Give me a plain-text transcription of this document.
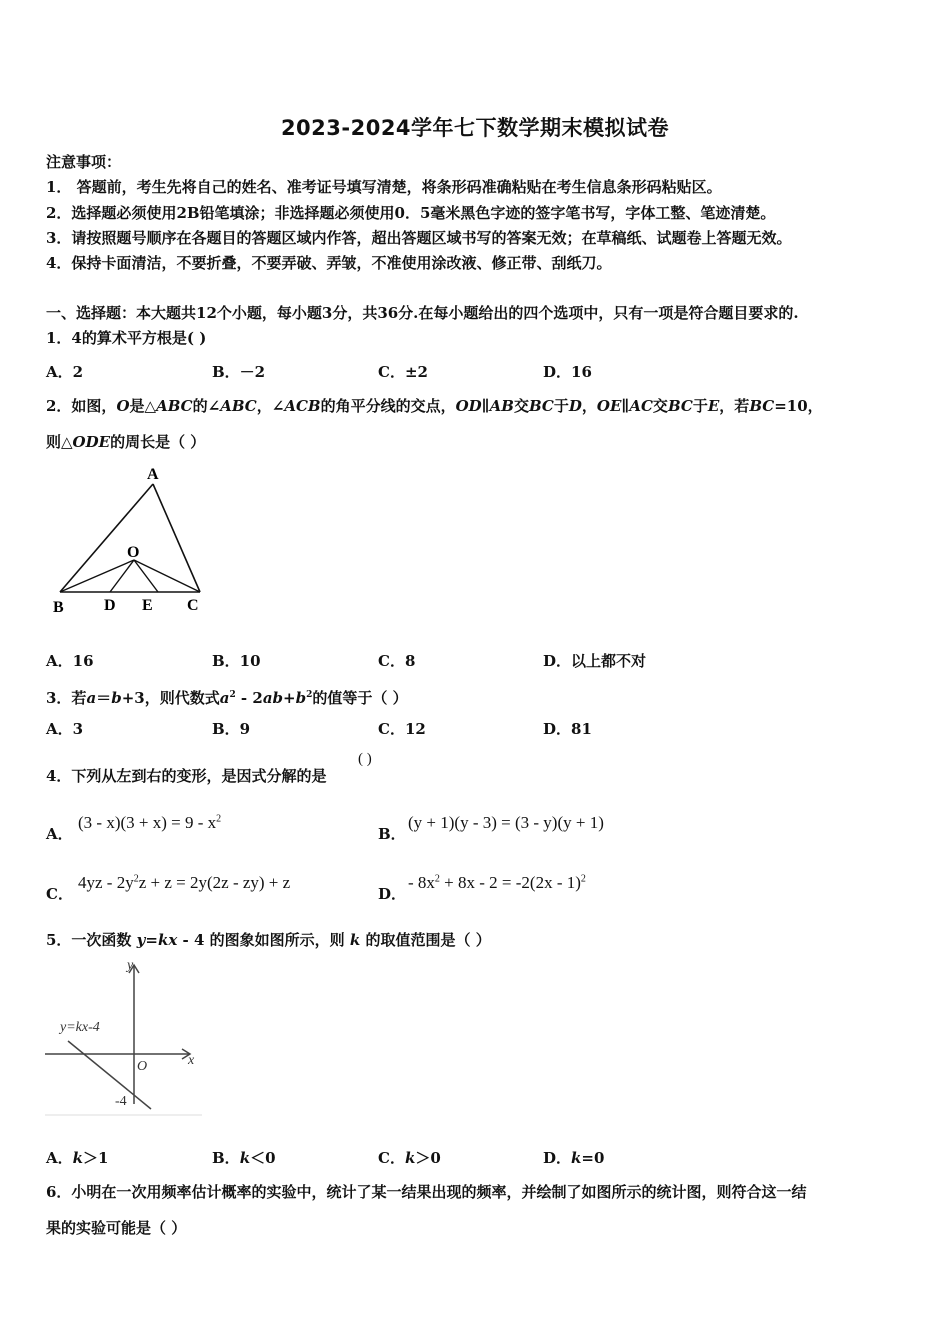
2023-2024学年七下数学期末模拟试卷
注意事项：
1． 答题前，考生先将自己的姓名、准考证号填写清楚，将条形码准确粘贴在考生信息条形码粘贴区。
2．选择题必须使用2B铅笔填涂；非选择题必须使用0．5毫米黑色字迹的签字笔书写，字体工整、笔迹清楚。
3．请按照题号顺序在各题目的答题区域内作答，超出答题区域书写的答案无效；在草稿纸、试题卷上答题无效。
4．保持卡面清洁，不要折叠，不要弄破、弄皱，不准使用涂改液、修正带、刮纸刀。
一、选择题：本大题共12个小题，每小题3分，共36分.在每小题给出的四个选项中，只有一项是符合题目要求的.
1．4的算术平方根是( )
A．2	B．－2	C．±2	D．16
2．如图，O是△ABC的∠ABC，∠ACB的角平分线的交点，OD∥AB交BC于D，OE∥AC交BC于E，若BC=10，
则△ODE的周长是（ ）
A
O
B	D E C
A．16	B．10	C．8	D．以上都不对
3．若a＝b+3，则代数式$a^2 - 2ab+b^2$的值等于（ ）
A．3	B．9	C．12	D．81
4．下列从左到右的变形，是因式分解的是
( )
A．
$(3 - x)(3 + x) = 9 - x^2$
B．
(y + 1)(y - 3) = (3 - y)(y + 1)
C．
$4yz - 2y^2z + z = 2y(2z - zy) + z$
D．
- $8x^2 + 8x - 2 = -2(2x - 1)^2$
5．一次函数 y=kx - 4 的图象如图所示，则 k 的取值范围是（ ）
y
x
O
y=kx-4
-4
A．k＞1	B．k＜0	C．k＞0	D．k=0
6．小明在一次用频率估计概率的实验中，统计了某一结果出现的频率，并绘制了如图所示的统计图，则符合这一结
果的实验可能是（ ）
